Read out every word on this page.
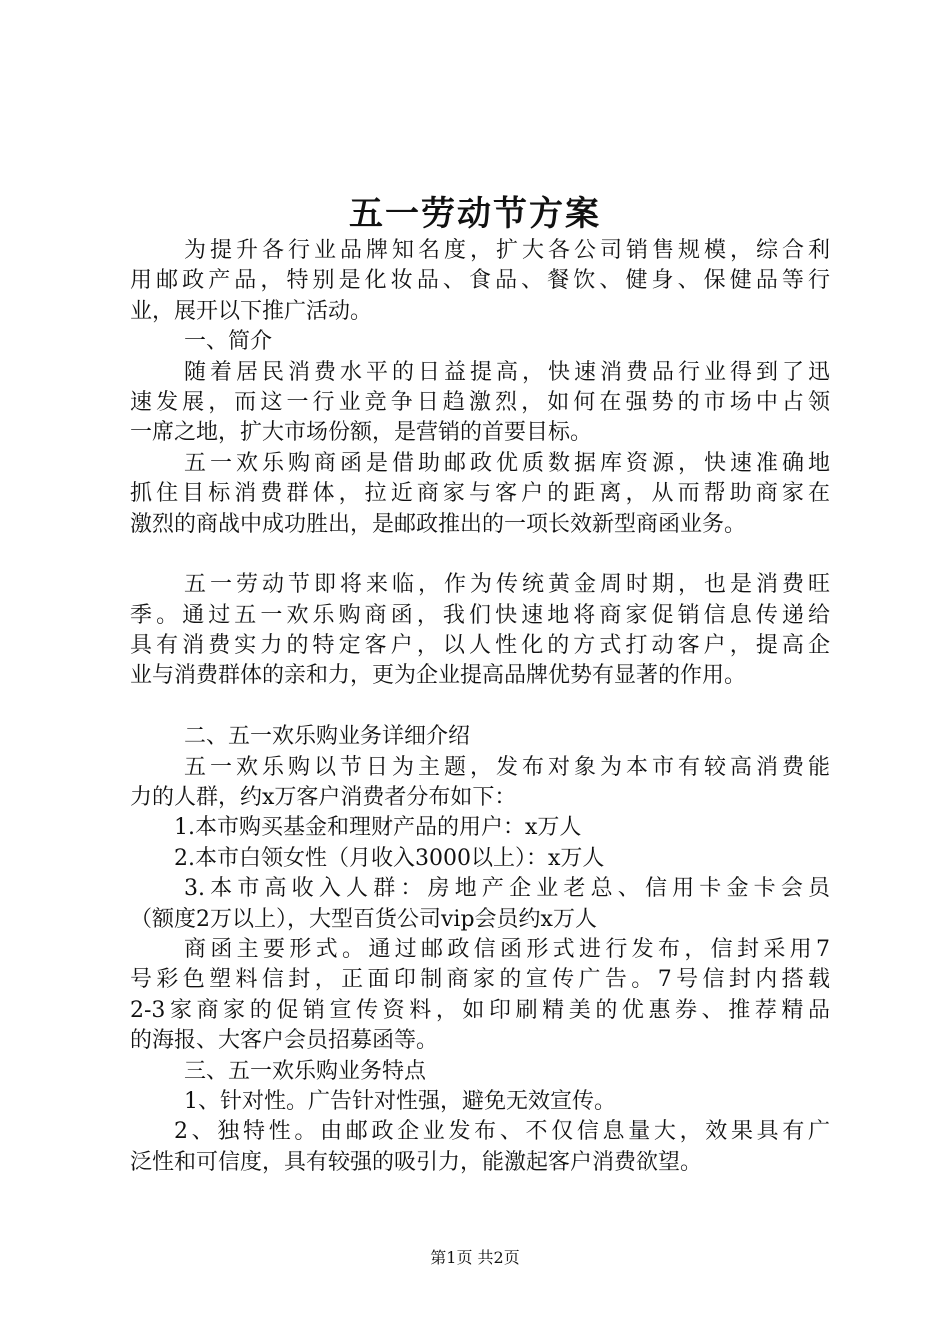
五一劳动节方案
为提升各行业品牌知名度，扩大各公司销售规模，综合利
用邮政产品，特别是化妆品、食品、餐饮、健身、保健品等行
业，展开以下推广活动。
一、简介
随着居民消费水平的日益提高，快速消费品行业得到了迅
速发展，而这一行业竞争日趋激烈，如何在强势的市场中占领
一席之地，扩大市场份额，是营销的首要目标。
五一欢乐购商函是借助邮政优质数据库资源，快速准确地
抓住目标消费群体，拉近商家与客户的距离，从而帮助商家在
激烈的商战中成功胜出，是邮政推出的一项长效新型商函业务。
五一劳动节即将来临，作为传统黄金周时期，也是消费旺
季。通过五一欢乐购商函，我们快速地将商家促销信息传递给
具有消费实力的特定客户，以人性化的方式打动客户，提高企
业与消费群体的亲和力，更为企业提高品牌优势有显著的作用。
二、五一欢乐购业务详细介绍
五一欢乐购以节日为主题，发布对象为本市有较高消费能
力的人群，约x万客户消费者分布如下：
1.本市购买基金和理财产品的用户：x万人
2.本市白领女性（月收入3000以上）：x万人
3.本市高收入人群：房地产企业老总、信用卡金卡会员
（额度2万以上），大型百货公司vip会员约x万人
商函主要形式。通过邮政信函形式进行发布，信封采用7
号彩色塑料信封，正面印制商家的宣传广告。7号信封内搭载
2-3家商家的促销宣传资料，如印刷精美的优惠券、推荐精品
的海报、大客户会员招募函等。
三、五一欢乐购业务特点
1、针对性。广告针对性强，避免无效宣传。
2、独特性。由邮政企业发布、不仅信息量大，效果具有广
泛性和可信度，具有较强的吸引力，能激起客户消费欲望。
第1页 共2页
